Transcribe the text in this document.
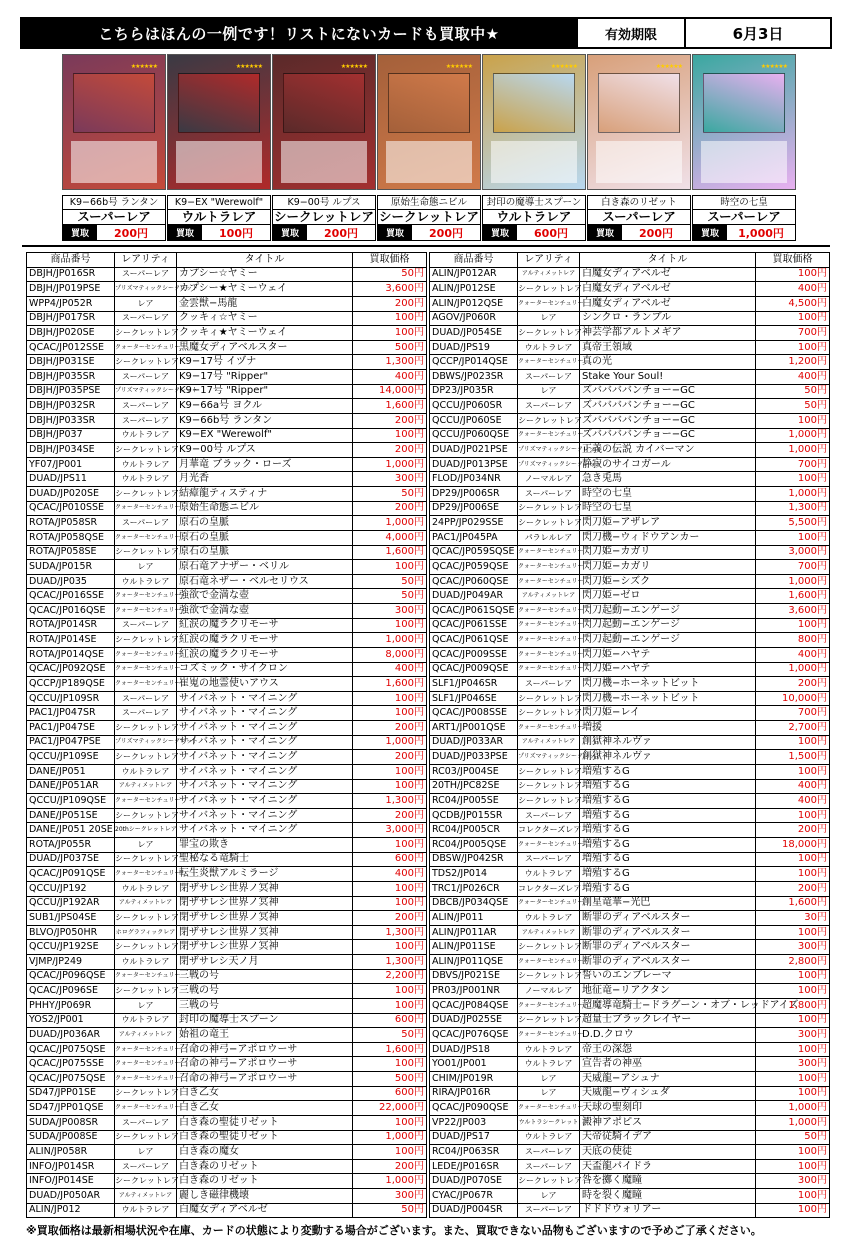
こちらはほんの一例です！リストにないカードも買取中★	有効期限	6月3日
★★★★★★
K9−66b号 ランタン
スーパーレア
買取	200円
★★★★★★
K9−EX "Werewolf"
ウルトラレア
買取	100円
★★★★★★
K9−00号 ルプス
シークレットレア
買取	200円
★★★★★★
原始生命態ニビル
シークレットレア
買取	200円
★★★★★★
封印の魔導士スプーン
ウルトラレア
買取	600円
★★★★★★
白き森のリゼット
スーパーレア
買取	200円
★★★★★★
時空の七皇
スーパーレア
買取	1,000円
商品番号	レアリティ	タイトル	買取価格
DBJH/JP016SR	スーパーレア	カプシー☆ヤミー	50円
DBJH/JP019PSE	プリズマティックシークレット	カプシー★ヤミーウェイ	3,600円
WPP4/JP052R	レア	金雲獣−馬龍	200円
DBJH/JP017SR	スーパーレア	クッキィ☆ヤミー	100円
DBJH/JP020SE	シークレットレア	クッキィ★ヤミーウェイ	100円
QCAC/JP012SSE	クォーターセンチュリー	黒魔女ディアベルスター	500円
DBJH/JP031SE	シークレットレア	K9−17号 イヅナ	1,300円
DBJH/JP035SR	スーパーレア	K9−17号 "Ripper"	400円
DBJH/JP035PSE	プリズマティックシークレット	K9−17号 "Ripper"	14,000円
DBJH/JP032SR	スーパーレア	K9−66a号 ヨクル	1,600円
DBJH/JP033SR	スーパーレア	K9−66b号 ランタン	200円
DBJH/JP037	ウルトラレア	K9−EX "Werewolf"	100円
DBJH/JP034SE	シークレットレア	K9−00号 ルプス	200円
YF07/JP001	ウルトラレア	月華竜 ブラック・ローズ	1,000円
DUAD/JPS11	ウルトラレア	月光香	300円
DUAD/JP020SE	シークレットレア	結瘴龍ティスティナ	50円
QCAC/JP010SSE	クォーターセンチュリー	原始生命態ニビル	200円
ROTA/JP058SR	スーパーレア	原石の皇脈	1,000円
ROTA/JP058QSE	クォーターセンチュリー	原石の皇脈	4,000円
ROTA/JP058SE	シークレットレア	原石の皇脈	1,600円
SUDA/JP015R	レア	原石竜アナザー・ベリル	100円
DUAD/JP035	ウルトラレア	原石竜ネザー・ベルセリウス	50円
QCAC/JP016SSE	クォーターセンチュリー	強欲で金満な壺	50円
QCAC/JP016QSE	クォーターセンチュリー	強欲で金満な壺	300円
ROTA/JP014SR	スーパーレア	紅涙の魔ラクリモーサ	100円
ROTA/JP014SE	シークレットレア	紅涙の魔ラクリモーサ	1,000円
ROTA/JP014QSE	クォーターセンチュリー	紅涙の魔ラクリモーサ	8,000円
QCAC/JP092QSE	クォーターセンチュリー	コズミック・サイクロン	400円
QCCP/JP189QSE	クォーターセンチュリー	崔嵬の地霊使いアウス	1,600円
QCCU/JP109SR	スーパーレア	サイバネット・マイニング	100円
PAC1/JP047SR	スーパーレア	サイバネット・マイニング	100円
PAC1/JP047SE	シークレットレア	サイバネット・マイニング	200円
PAC1/JP047PSE	プリズマティックシークレット	サイバネット・マイニング	1,000円
QCCU/JP109SE	シークレットレア	サイバネット・マイニング	200円
DANE/JP051	ウルトラレア	サイバネット・マイニング	100円
DANE/JP051AR	アルティメットレア	サイバネット・マイニング	100円
QCCU/JP109QSE	クォーターセンチュリー	サイバネット・マイニング	1,300円
DANE/JP051SE	シークレットレア	サイバネット・マイニング	200円
DANE/JP051 20SE	20thシークレットレア	サイバネット・マイニング	3,000円
ROTA/JP055R	レア	罪宝の欺き	100円
DUAD/JP037SE	シークレットレア	聖秘なる竜騎士	600円
QCAC/JP091QSE	クォーターセンチュリー	転生炎獣アルミラージ	400円
QCCU/JP192	ウルトラレア	閉ザサレシ世界ノ冥神	100円
QCCU/JP192AR	アルティメットレア	閉ザサレシ世界ノ冥神	100円
SUB1/JPS04SE	シークレットレア	閉ザサレシ世界ノ冥神	200円
BLVO/JP050HR	ホログラフィックレア	閉ザサレシ世界ノ冥神	1,300円
QCCU/JP192SE	シークレットレア	閉ザサレシ世界ノ冥神	100円
VJMP/JP249	ウルトラレア	閉ザサレシ天ノ月	1,300円
QCAC/JP096QSE	クォーターセンチュリー	三戦の号	2,200円
QCAC/JP096SE	シークレットレア	三戦の号	100円
PHHY/JP069R	レア	三戦の号	100円
YOS2/JP001	ウルトラレア	封印の魔導士スプーン	600円
DUAD/JP036AR	アルティメットレア	始祖の竜王	50円
QCAC/JP075QSE	クォーターセンチュリー	召命の神弓−アポロウーサ	1,600円
QCAC/JP075SSE	クォーターセンチュリー	召命の神弓−アポロウーサ	100円
QCAC/JP075QSE	クォーターセンチュリー	召命の神弓−アポロウーサ	500円
SD47/JPP01SE	シークレットレア	白き乙女	600円
SD47/JPP01QSE	クォーターセンチュリー	白き乙女	22,000円
SUDA/JP008SR	スーパーレア	白き森の聖徒リゼット	100円
SUDA/JP008SE	シークレットレア	白き森の聖徒リゼット	1,000円
ALIN/JP058R	レア	白き森の魔女	100円
INFO/JP014SR	スーパーレア	白き森のリゼット	200円
INFO/JP014SE	シークレットレア	白き森のリゼット	1,000円
DUAD/JP050AR	アルティメットレア	麗しき磁律機壊	300円
ALIN/JP012	ウルトラレア	白魔女ディアベルゼ	50円
商品番号	レアリティ	タイトル	買取価格
ALIN/JP012AR	アルティメットレア	白魔女ディアベルゼ	100円
ALIN/JP012SE	シークレットレア	白魔女ディアベルゼ	400円
ALIN/JP012QSE	クォーターセンチュリー	白魔女ディアベルゼ	4,500円
AGOV/JP060R	レア	シンクロ・ランブル	100円
DUAD/JP054SE	シークレットレア	神芸学都アルトメギア	700円
DUAD/JPS19	ウルトラレア	真帝王領域	100円
QCCP/JP014QSE	クォーターセンチュリー	真の光	1,200円
DBWS/JP023SR	スーパーレア	Stake Your Soul!	400円
DP23/JP035R	レア	ズババババンチョー−GC	50円
QCCU/JP060SR	スーパーレア	ズババババンチョー−GC	50円
QCCU/JP060SE	シークレットレア	ズババババンチョー−GC	100円
QCCU/JP060QSE	クォーターセンチュリー	ズババババンチョー−GC	1,000円
DUAD/JP021PSE	プリズマティックシークレット	正義の伝説 カイバーマン	1,000円
DUAD/JP013PSE	プリズマティックシークレット	静寂のサイコガール	700円
FLOD/JP034NR	ノーマルレア	急き兎馬	100円
DP29/JP006SR	スーパーレア	時空の七皇	1,000円
DP29/JP006SE	シークレットレア	時空の七皇	1,300円
24PP/JP029SSE	シークレットレア	閃刀姫−アザレア	5,500円
PAC1/JP045PA	パラレルレア	閃刀機−ウィドウアンカー	100円
QCAC/JP059SQSE	クォーターセンチュリー	閃刀姫−カガリ	3,000円
QCAC/JP059QSE	クォーターセンチュリー	閃刀姫−カガリ	700円
QCAC/JP060QSE	クォーターセンチュリー	閃刀姫−シズク	1,000円
DUAD/JP049AR	アルティメットレア	閃刀姫−ゼロ	1,600円
QCAC/JP061SQSE	クォーターセンチュリー	閃刀起動−エンゲージ	3,600円
QCAC/JP061SSE	クォーターセンチュリー	閃刀起動−エンゲージ	100円
QCAC/JP061QSE	クォーターセンチュリー	閃刀起動−エンゲージ	800円
QCAC/JP009SSE	クォーターセンチュリー	閃刀姫−ハヤテ	400円
QCAC/JP009QSE	クォーターセンチュリー	閃刀姫−ハヤテ	1,000円
SLF1/JP046SR	スーパーレア	閃刀機−ホーネットビット	200円
SLF1/JP046SE	シークレットレア	閃刀機−ホーネットビット	10,000円
QCAC/JP008SSE	シークレットレア	閃刀姫−レイ	700円
ART1/JP001QSE	クォーターセンチュリー	増援	2,700円
DUAD/JP033AR	アルティメットレア	創獄神ネルヴァ	100円
DUAD/JP033PSE	プリズマティックシークレット	創獄神ネルヴァ	1,500円
RC03/JP004SE	シークレットレア	増殖するG	100円
20TH/JPC82SE	シークレットレア	増殖するG	400円
RC04/JP005SE	シークレットレア	増殖するG	400円
QCDB/JP015SR	スーパーレア	増殖するG	100円
RC04/JP005CR	コレクターズレア	増殖するG	200円
RC04/JP005QSE	クォーターセンチュリー	増殖するG	18,000円
DBSW/JP042SR	スーパーレア	増殖するG	100円
TDS2/JP014	ウルトラレア	増殖するG	100円
TRC1/JP026CR	コレクターズレア	増殖するG	200円
DBCB/JP034QSE	クォーターセンチュリー	創星竜華−光巴	1,600円
ALIN/JP011	ウルトラレア	断罪のディアベルスター	30円
ALIN/JP011AR	アルティメットレア	断罪のディアベルスター	100円
ALIN/JP011SE	シークレットレア	断罪のディアベルスター	300円
ALIN/JP011QSE	クォーターセンチュリー	断罪のディアベルスター	2,800円
DBVS/JP021SE	シークレットレア	誓いのエンブレーマ	100円
PR03/JP001NR	ノーマルレア	地征竜−リアクタン	100円
QCAC/JP084QSE	クォーターセンチュリー	超魔導竜騎士−ドラグーン・オブ・レッドアイズ	1,800円
DUAD/JP025SE	シークレットレア	超量士ブラックレイヤー	100円
QCAC/JP076QSE	クォーターセンチュリー	D.D.クロウ	300円
DUAD/JPS18	ウルトラレア	帝王の深怨	100円
YO01/JP001	ウルトラレア	宣告者の神巫	300円
CHIM/JP019R	レア	天威龍−アシュナ	100円
RIRA/JP016R	レア	天威龍−ヴィシュダ	100円
QCAC/JP090QSE	クォーターセンチュリー	天球の聖刻印	1,000円
VP22/JP003	ウルトラシークレット	澱神アポピス	1,000円
DUAD/JPS17	ウルトラレア	天帝従騎イデア	50円
RC04/JP063SR	スーパーレア	天底の使徒	100円
LEDE/JP016SR	スーパーレア	天盃龍パイドラ	100円
DUAD/JP070SE	シークレットレア	咎を擲く魔瞳	300円
CYAC/JP067R	レア	時を裂く魔瞳	100円
DUAD/JP004SR	スーパーレア	ドドドウォリアー	100円
※買取価格は最新相場状況や在庫、カードの状態により変動する場合がございます。また、買取できない品物もございますので予めご了承ください。
